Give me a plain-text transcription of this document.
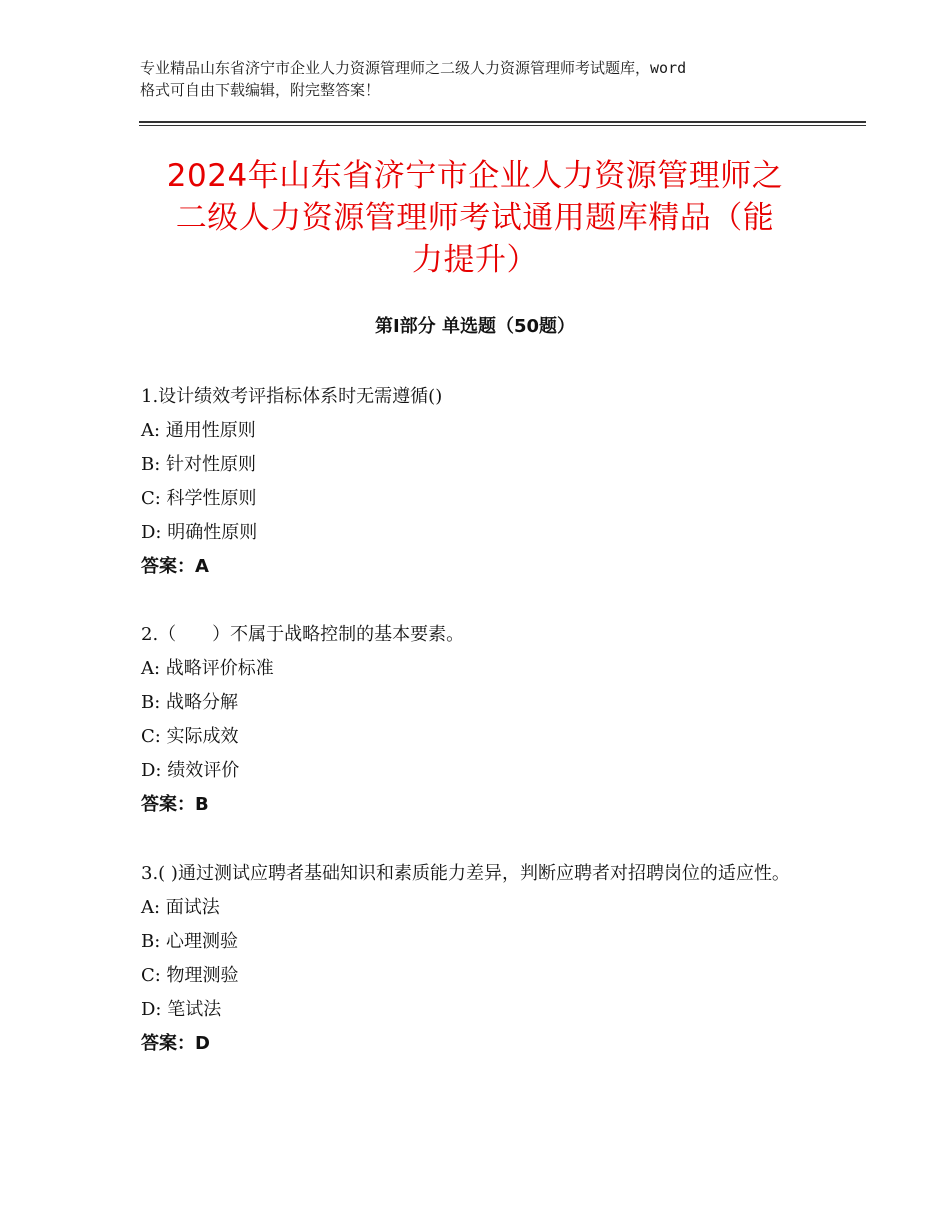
专业精品山东省济宁市企业人力资源管理师之二级人力资源管理师考试题库，word
格式可自由下载编辑，附完整答案！
2024年山东省济宁市企业人力资源管理师之
二级人力资源管理师考试通用题库精品（能
力提升）
第Ⅰ部分 单选题（50题）

1.设计绩效考评指标体系时无需遵循()

A: 通用性原则

B: 针对性原则

C: 科学性原则

D: 明确性原则

答案：A

2.（　　）不属于战略控制的基本要素。

A: 战略评价标准

B: 战略分解

C: 实际成效

D: 绩效评价

答案：B

3.( )通过测试应聘者基础知识和素质能力差异，判断应聘者对招聘岗位的适应性。

A: 面试法

B: 心理测验

C: 物理测验

D: 笔试法

答案：D
